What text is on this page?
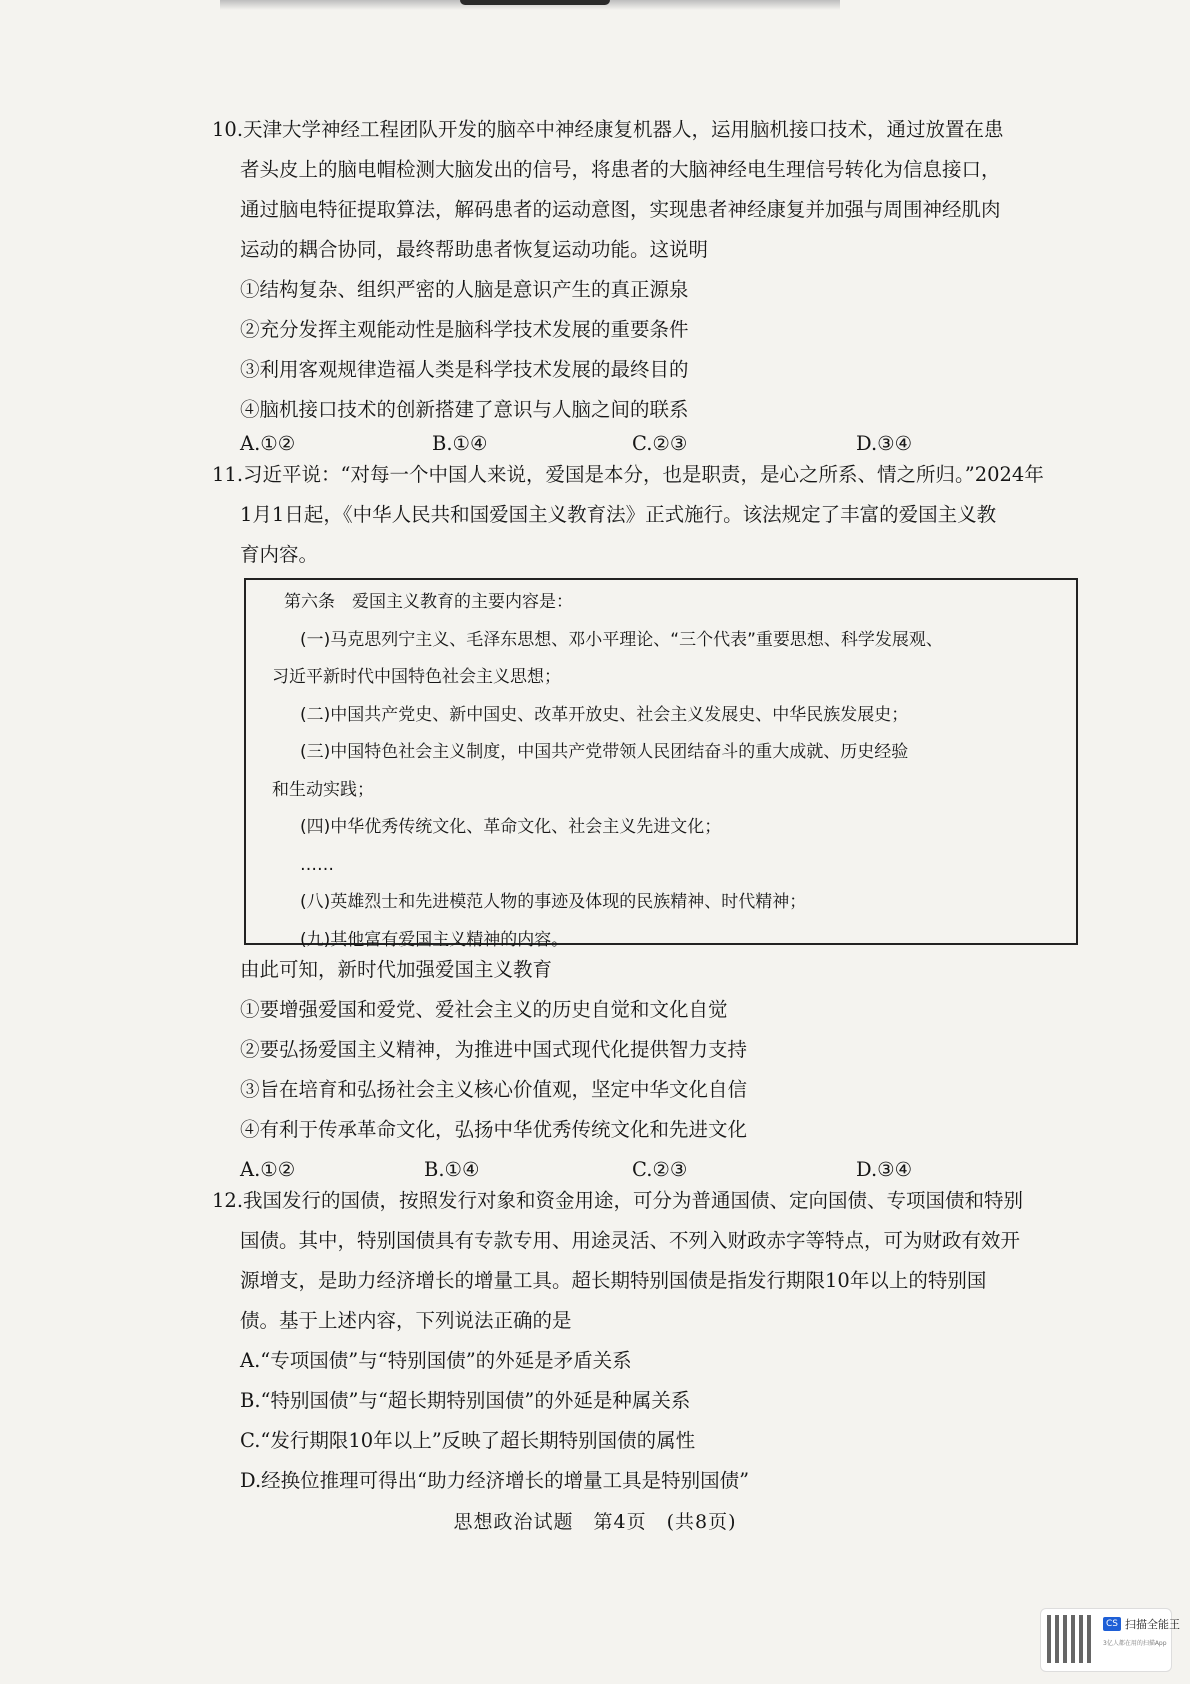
10.天津大学神经工程团队开发的脑卒中神经康复机器人，运用脑机接口技术，通过放置在患

者头皮上的脑电帽检测大脑发出的信号，将患者的大脑神经电生理信号转化为信息接口，

通过脑电特征提取算法，解码患者的运动意图，实现患者神经康复并加强与周围神经肌肉

运动的耦合协同，最终帮助患者恢复运动功能。这说明

①结构复杂、组织严密的人脑是意识产生的真正源泉

②充分发挥主观能动性是脑科学技术发展的重要条件

③利用客观规律造福人类是科学技术发展的最终目的

④脑机接口技术的创新搭建了意识与人脑之间的联系

A.①②	B.①④	C.②③	D.③④

11.习近平说：“对每一个中国人来说，爱国是本分，也是职责，是心之所系、情之所归。”2024年

1月1日起，《中华人民共和国爱国主义教育法》正式施行。该法规定了丰富的爱国主义教

育内容。

第六条　爱国主义教育的主要内容是：

(一)马克思列宁主义、毛泽东思想、邓小平理论、“三个代表”重要思想、科学发展观、

习近平新时代中国特色社会主义思想；

(二)中国共产党史、新中国史、改革开放史、社会主义发展史、中华民族发展史；

(三)中国特色社会主义制度，中国共产党带领人民团结奋斗的重大成就、历史经验

和生动实践；

(四)中华优秀传统文化、革命文化、社会主义先进文化；

……

(八)英雄烈士和先进模范人物的事迹及体现的民族精神、时代精神；

(九)其他富有爱国主义精神的内容。

由此可知，新时代加强爱国主义教育

①要增强爱国和爱党、爱社会主义的历史自觉和文化自觉

②要弘扬爱国主义精神，为推进中国式现代化提供智力支持

③旨在培育和弘扬社会主义核心价值观，坚定中华文化自信

④有利于传承革命文化，弘扬中华优秀传统文化和先进文化

A.①②	B.①④	C.②③	D.③④

12.我国发行的国债，按照发行对象和资金用途，可分为普通国债、定向国债、专项国债和特别

国债。其中，特别国债具有专款专用、用途灵活、不列入财政赤字等特点，可为财政有效开

源增支，是助力经济增长的增量工具。超长期特别国债是指发行期限10年以上的特别国

债。基于上述内容，下列说法正确的是

A.“专项国债”与“特别国债”的外延是矛盾关系

B.“特别国债”与“超长期特别国债”的外延是种属关系

C.“发行期限10年以上”反映了超长期特别国债的属性

D.经换位推理可得出“助力经济增长的增量工具是特别国债”

思想政治试题　第4页　(共8页)
CS 扫描全能王
3亿人都在用的扫描App
